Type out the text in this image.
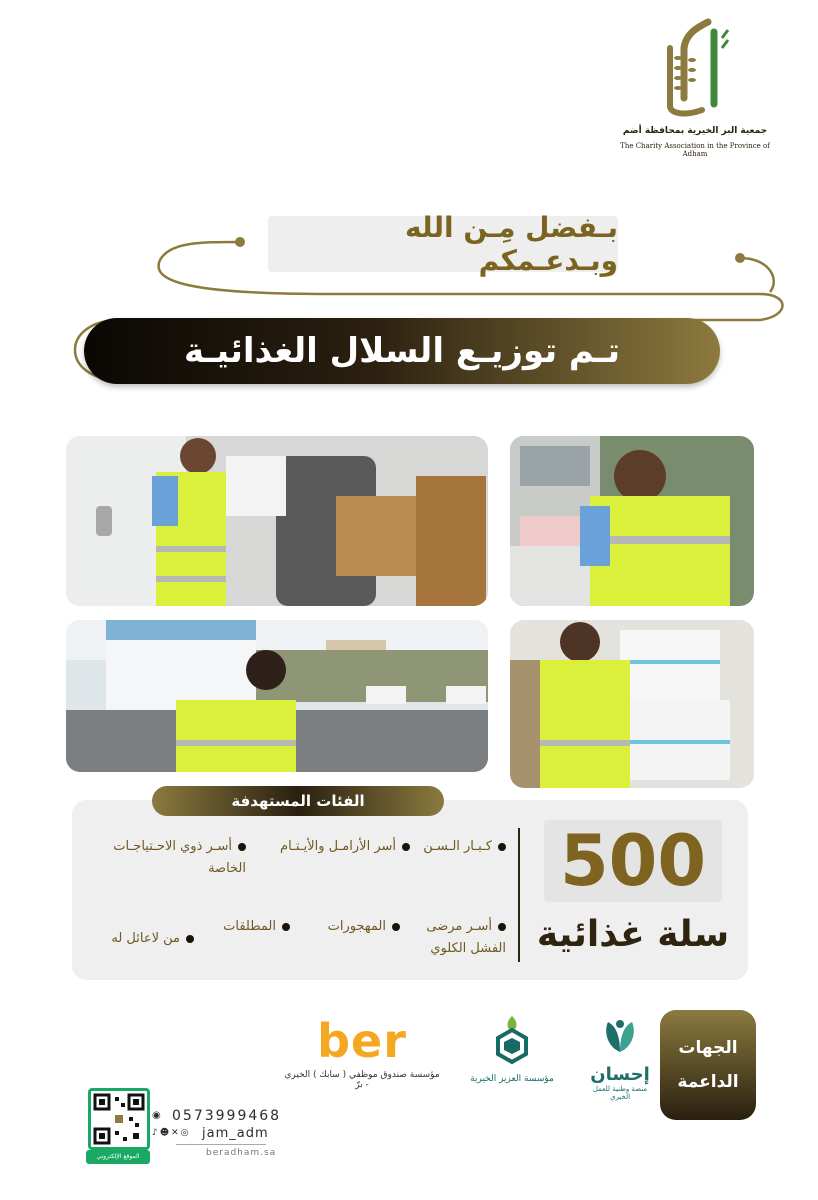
جمعية البر الخيرية بمحافظة أضم
The Charity Association in the Province of Adham
بـفضل مِـن الله وبـدعـمكم
تـم توزيـع السلال الغذائيـة
الفئات المستهدفة
500
سلة غذائية
كـبـار الـسـن
أسر الأرامـل والأيـتـام
أسـر ذوي الاحـتياجـات الخاصة
أسـر مرضى الفشل الكلوي
المهجورات
المطلقات
من لاعائل له
الجهات
الداعمة
إحسان
منصة وطنية للعمل الخيري
مؤسسة العزيز الخيرية
ber
مؤسسة صندوق موظفي ( سابك ) الخيري - برّ
الموقع الإلكتروني
◉ 0573999468
♪☻✕◎ jam_adm
beradham.sa
